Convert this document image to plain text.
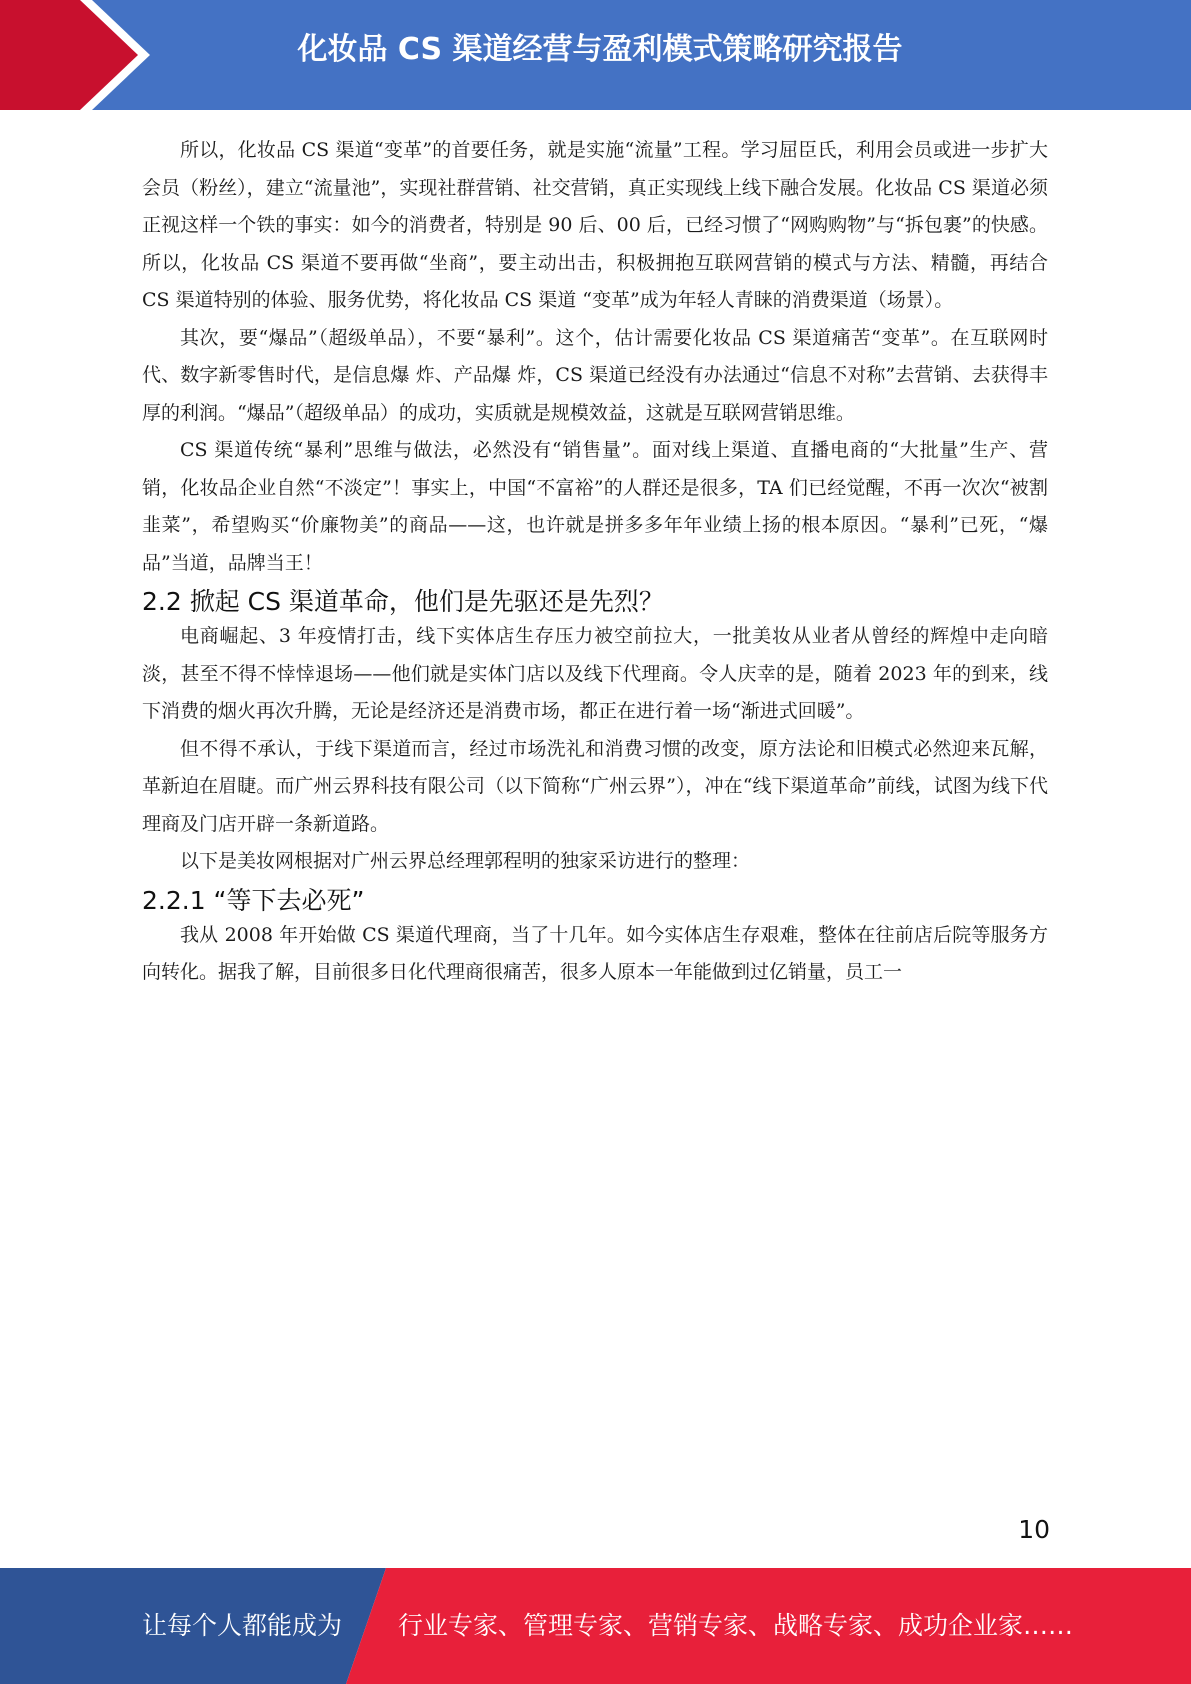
化妆品 CS 渠道经营与盈利模式策略研究报告

所以，化妆品 CS 渠道“变革”的首要任务，就是实施“流量”工程。学习屈臣氏，利用会员或进一步扩大会员（粉丝），建立“流量池”，实现社群营销、社交营销，真正实现线上线下融合发展。化妆品 CS 渠道必须正视这样一个铁的事实：如今的消费者，特别是 90 后、00 后，已经习惯了“网购购物”与“拆包裹”的快感。所以，化妆品 CS 渠道不要再做“坐商”，要主动出击，积极拥抱互联网营销的模式与方法、精髓，再结合 CS 渠道特别的体验、服务优势，将化妆品 CS 渠道 “变革”成为年轻人青睐的消费渠道（场景）。

其次，要“爆品”（超级单品），不要“暴利”。这个，估计需要化妆品 CS 渠道痛苦“变革”。在互联网时代、数字新零售时代，是信息爆 炸、产品爆 炸，CS 渠道已经没有办法通过“信息不对称”去营销、去获得丰厚的利润。“爆品”（超级单品）的成功，实质就是规模效益，这就是互联网营销思维。

CS 渠道传统“暴利”思维与做法，必然没有“销售量”。面对线上渠道、直播电商的“大批量”生产、营销，化妆品企业自然“不淡定”！事实上，中国“不富裕”的人群还是很多，TA 们已经觉醒，不再一次次“被割韭菜”，希望购买“价廉物美”的商品——这，也许就是拼多多年年业绩上扬的根本原因。“暴利”已死，“爆品”当道，品牌当王！

2.2 掀起 CS 渠道革命，他们是先驱还是先烈？

电商崛起、3 年疫情打击，线下实体店生存压力被空前拉大，一批美妆从业者从曾经的辉煌中走向暗淡，甚至不得不悻悻退场——他们就是实体门店以及线下代理商。令人庆幸的是，随着 2023 年的到来，线下消费的烟火再次升腾，无论是经济还是消费市场，都正在进行着一场“渐进式回暖”。

但不得不承认，于线下渠道而言，经过市场洗礼和消费习惯的改变，原方法论和旧模式必然迎来瓦解，革新迫在眉睫。而广州云界科技有限公司（以下简称“广州云界”），冲在“线下渠道革命”前线，试图为线下代理商及门店开辟一条新道路。

以下是美妆网根据对广州云界总经理郭程明的独家采访进行的整理：

2.2.1 “等下去必死”

我从 2008 年开始做 CS 渠道代理商，当了十几年。如今实体店生存艰难，整体在往前店后院等服务方向转化。据我了解，目前很多日化代理商很痛苦，很多人原本一年能做到过亿销量，员工一

10
让每个人都能成为 行业专家、管理专家、营销专家、战略专家、成功企业家……
